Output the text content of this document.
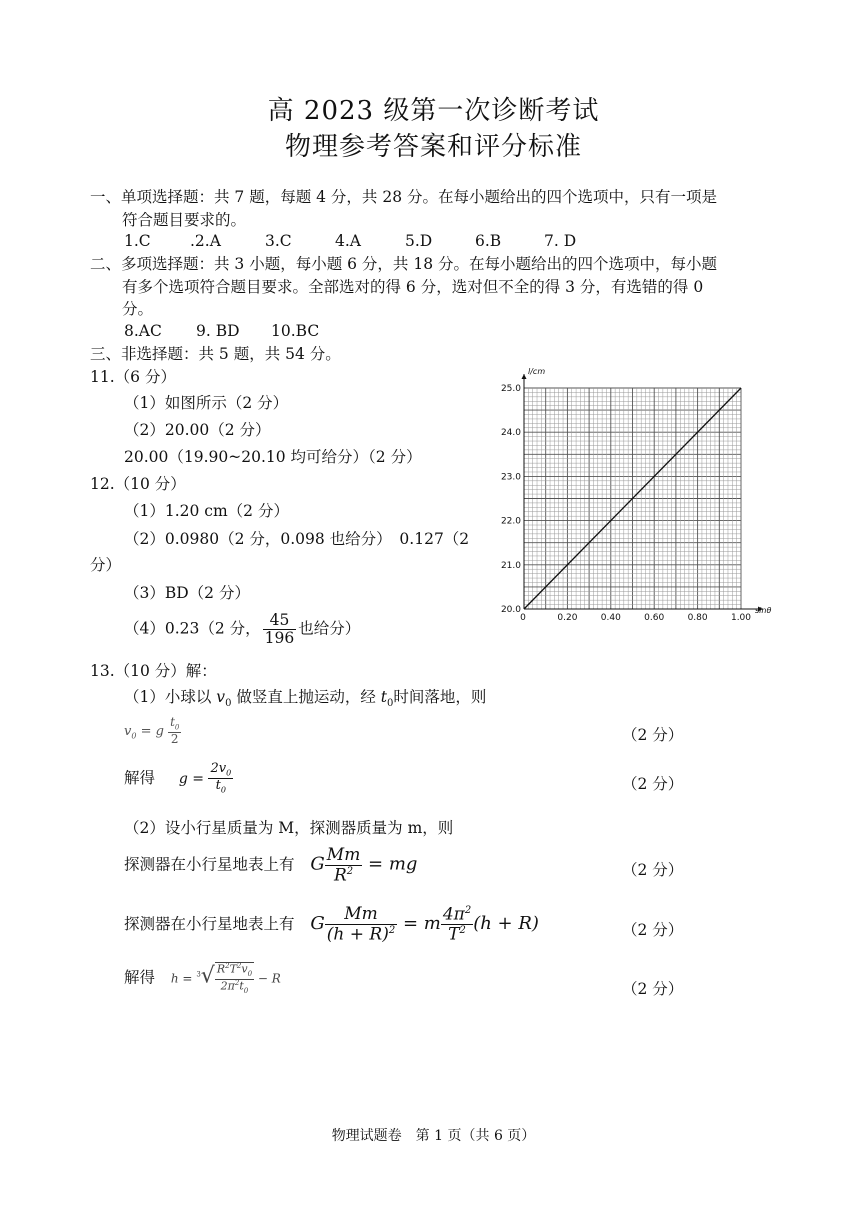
高 2023 级第一次诊断考试
物理参考答案和评分标准
一、单项选择题：共 7 题，每题 4 分，共 28 分。在每小题给出的四个选项中，只有一项是
符合题目要求的。
1.C	.2.A	3.C	4.A	5.D	6.B	7. D
二、多项选择题：共 3 小题，每小题 6 分，共 18 分。在每小题给出的四个选项中，每小题
有多个选项符合题目要求。全部选对的得 6 分，选对但不全的得 3 分，有选错的得 0
分。
8.AC 9. BD 10.BC
三、非选择题：共 5 题，共 54 分。
11.（6 分）
（1）如图所示（2 分）
（2）20.00（2 分）
20.00（19.90~20.10 均可给分）（2 分）
12.（10 分）
（1）1.20 cm（2 分）
（2）0.0980（2 分，0.098 也给分）　0.127（2
分）
（3）BD（2 分）
（4）0.23（2 分， $\frac{45}{196}$ 也给分）
0	0.20	0.40	0.60	0.80	1.00
20.0
21.0
22.0
23.0
24.0
25.0
sinθ
l/cm
13.（10 分）解：
（1）小球以 $v_0$ 做竖直上抛运动，经 $t_0$时间落地，则
$v_0 = g \frac{t_0}{2}$	（2 分）
解得 $g = \frac{2v_0}{t_0}$	（2 分）
（2）设小行星质量为 M，探测器质量为 m，则
探测器在小行星地表上有 G $\frac{Mm}{R^2}$ = mg	（2 分）
探测器在小行星地表上有 G $\frac{Mm}{(h + R)^2} = m \frac{4\pi^2}{T^2} (h + R)$	（2 分）
解得 $h = ^3√ \frac{R^2T^2v_0}{2\pi^2t_0} - R$
（2 分）
物理试题卷　第 1 页（共 6 页）
